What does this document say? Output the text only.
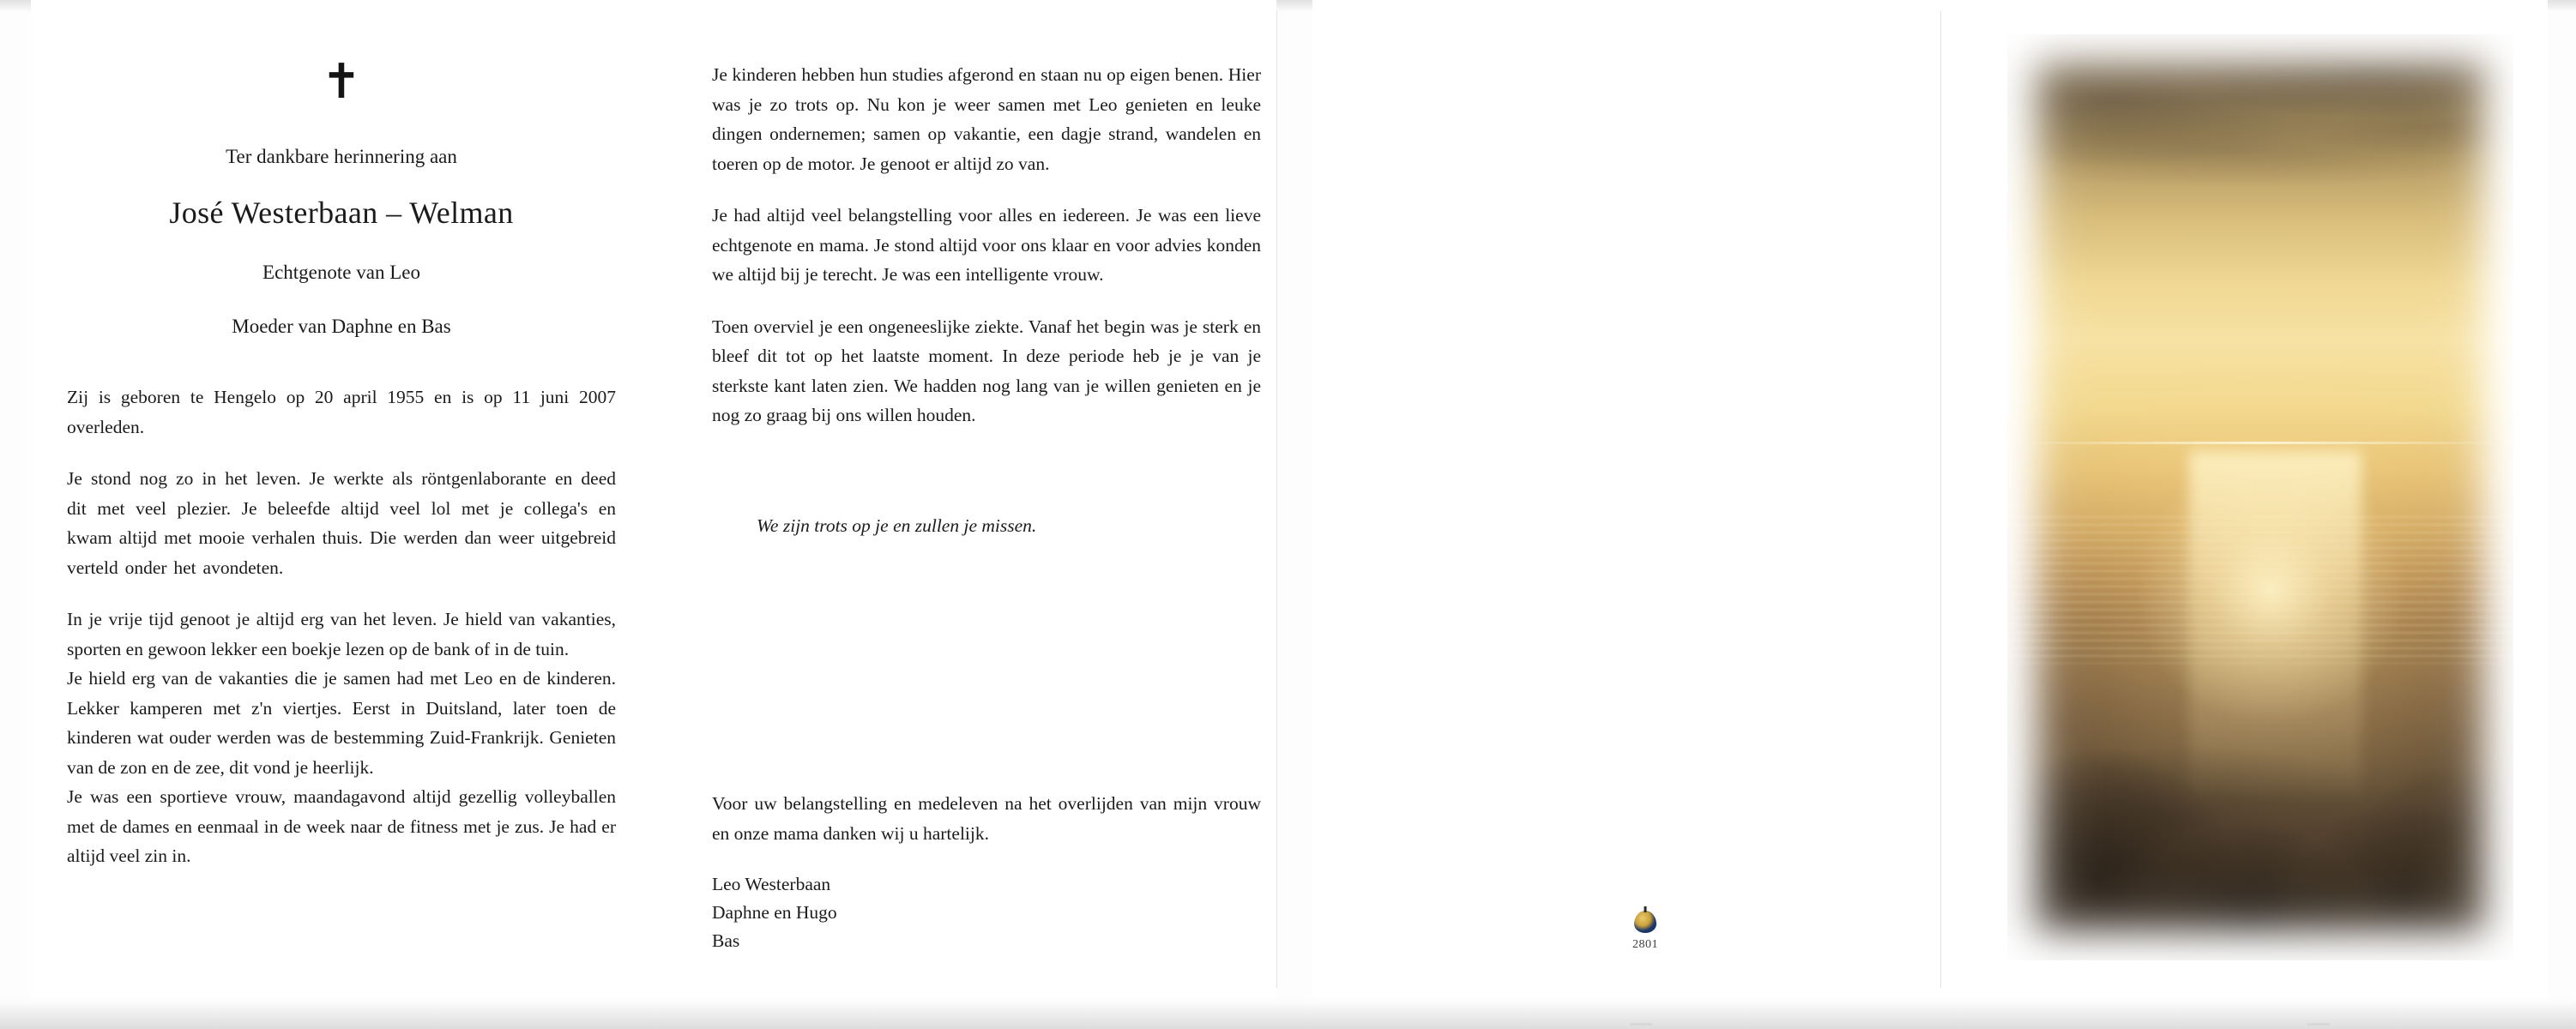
✝
Ter dankbare herinnering aan
José Westerbaan – Welman
Echtgenote van Leo
Moeder van Daphne en Bas

Zij is geboren te Hengelo op 20 april 1955 en is op 11 juni 2007 overleden.

Je stond nog zo in het leven. Je werkte als röntgenlaborante en deed dit met veel plezier. Je beleefde altijd veel lol met je collega's en kwam altijd met mooie verhalen thuis. Die werden dan weer uitgebreid verteld onder het avondeten.

In je vrije tijd genoot je altijd erg van het leven. Je hield van vakanties, sporten en gewoon lekker een boekje lezen op de bank of in de tuin.

Je hield erg van de vakanties die je samen had met Leo en de kinderen. Lekker kamperen met z'n viertjes. Eerst in Duitsland, later toen de kinderen wat ouder werden was de bestemming Zuid-Frankrijk. Genieten van de zon en de zee, dit vond je heerlijk.

Je was een sportieve vrouw, maandagavond altijd gezellig volleyballen met de dames en eenmaal in de week naar de fitness met je zus. Je had er altijd veel zin in.

Je kinderen hebben hun studies afgerond en staan nu op eigen benen. Hier was je zo trots op. Nu kon je weer samen met Leo genieten en leuke dingen ondernemen; samen op vakantie, een dagje strand, wandelen en toeren op de motor. Je genoot er altijd zo van.

Je had altijd veel belangstelling voor alles en iedereen. Je was een lieve echtgenote en mama. Je stond altijd voor ons klaar en voor advies konden we altijd bij je terecht. Je was een intelligente vrouw.

Toen overviel je een ongeneeslijke ziekte. Vanaf het begin was je sterk en bleef dit tot op het laatste moment. In deze periode heb je je van je sterkste kant laten zien. We hadden nog lang van je willen genieten en je nog zo graag bij ons willen houden.

We zijn trots op je en zullen je missen.

Voor uw belangstelling en medeleven na het overlijden van mijn vrouw en onze mama danken wij u hartelijk.

Leo Westerbaan

Daphne en Hugo

Bas	2801
